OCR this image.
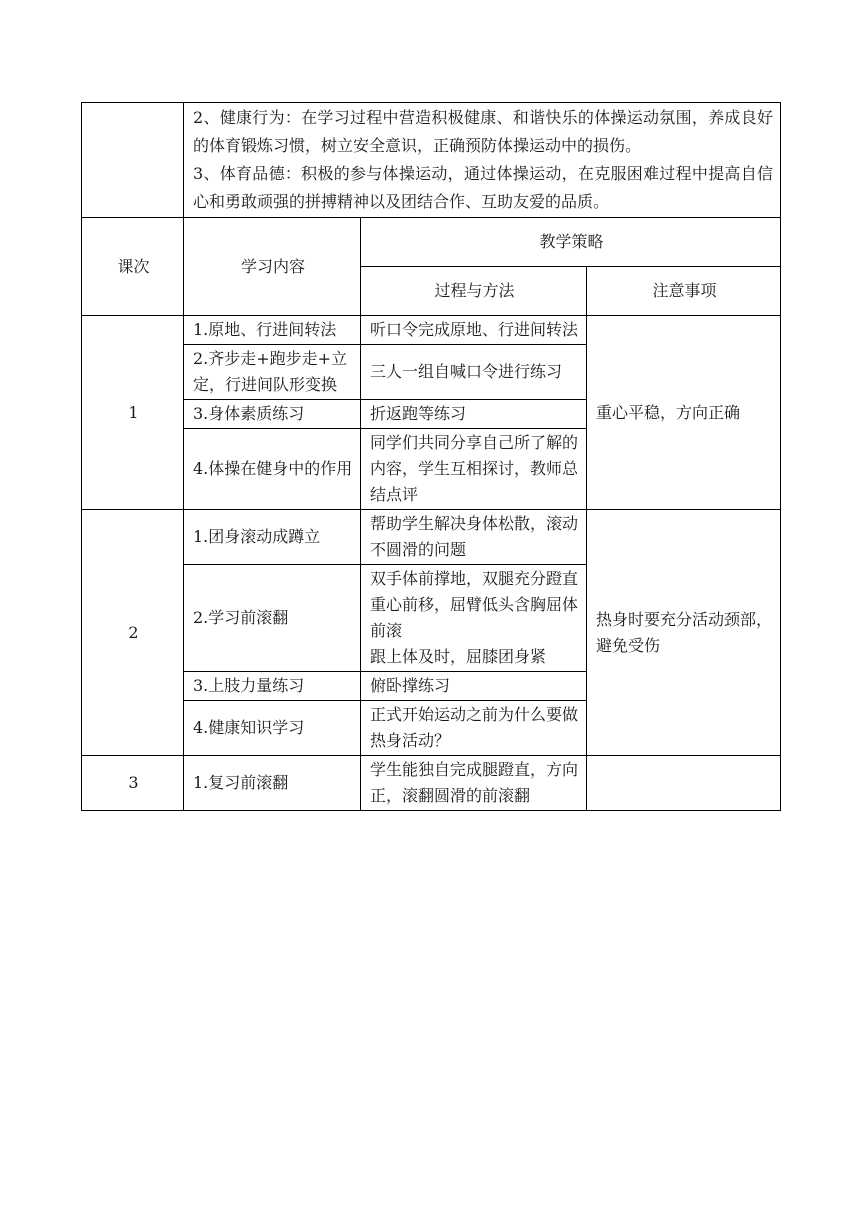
	2、健康行为：在学习过程中营造积极健康、和谐快乐的体操运动氛围，养成良好的体育锻炼习惯，树立安全意识，正确预防体操运动中的损伤。

3、体育品德：积极的参与体操运动，通过体操运动，在克服困难过程中提高自信心和勇敢顽强的拼搏精神以及团结合作、互助友爱的品质。		

课次	学习内容	教学策略	
		过程与方法	注意事项
1	1.原地、行进间转法	听口令完成原地、行进间转法	重心平稳，方向正确
	2.齐步走+跑步走+立定，行进间队形变换	三人一组自喊口令进行练习	

	3.身体素质练习	折返跑等练习	

	4.体操在健身中的作用	同学们共同分享自己所了解的内容，学生互相探讨，教师总结点评	

2	1.团身滚动成蹲立	帮助学生解决身体松散，滚动不圆滑的问题	热身时要充分活动颈部，避免受伤
	2.学习前滚翻	双手体前撑地，双腿充分蹬直

重心前移，屈臂低头含胸屈体前滚

跟上体及时，屈膝团身紧	

	3.上肢力量练习	俯卧撑练习	

	4.健康知识学习	正式开始运动之前为什么要做热身活动？	

3	1.复习前滚翻	学生能独自完成腿蹬直，方向正，滚翻圆滑的前滚翻	
